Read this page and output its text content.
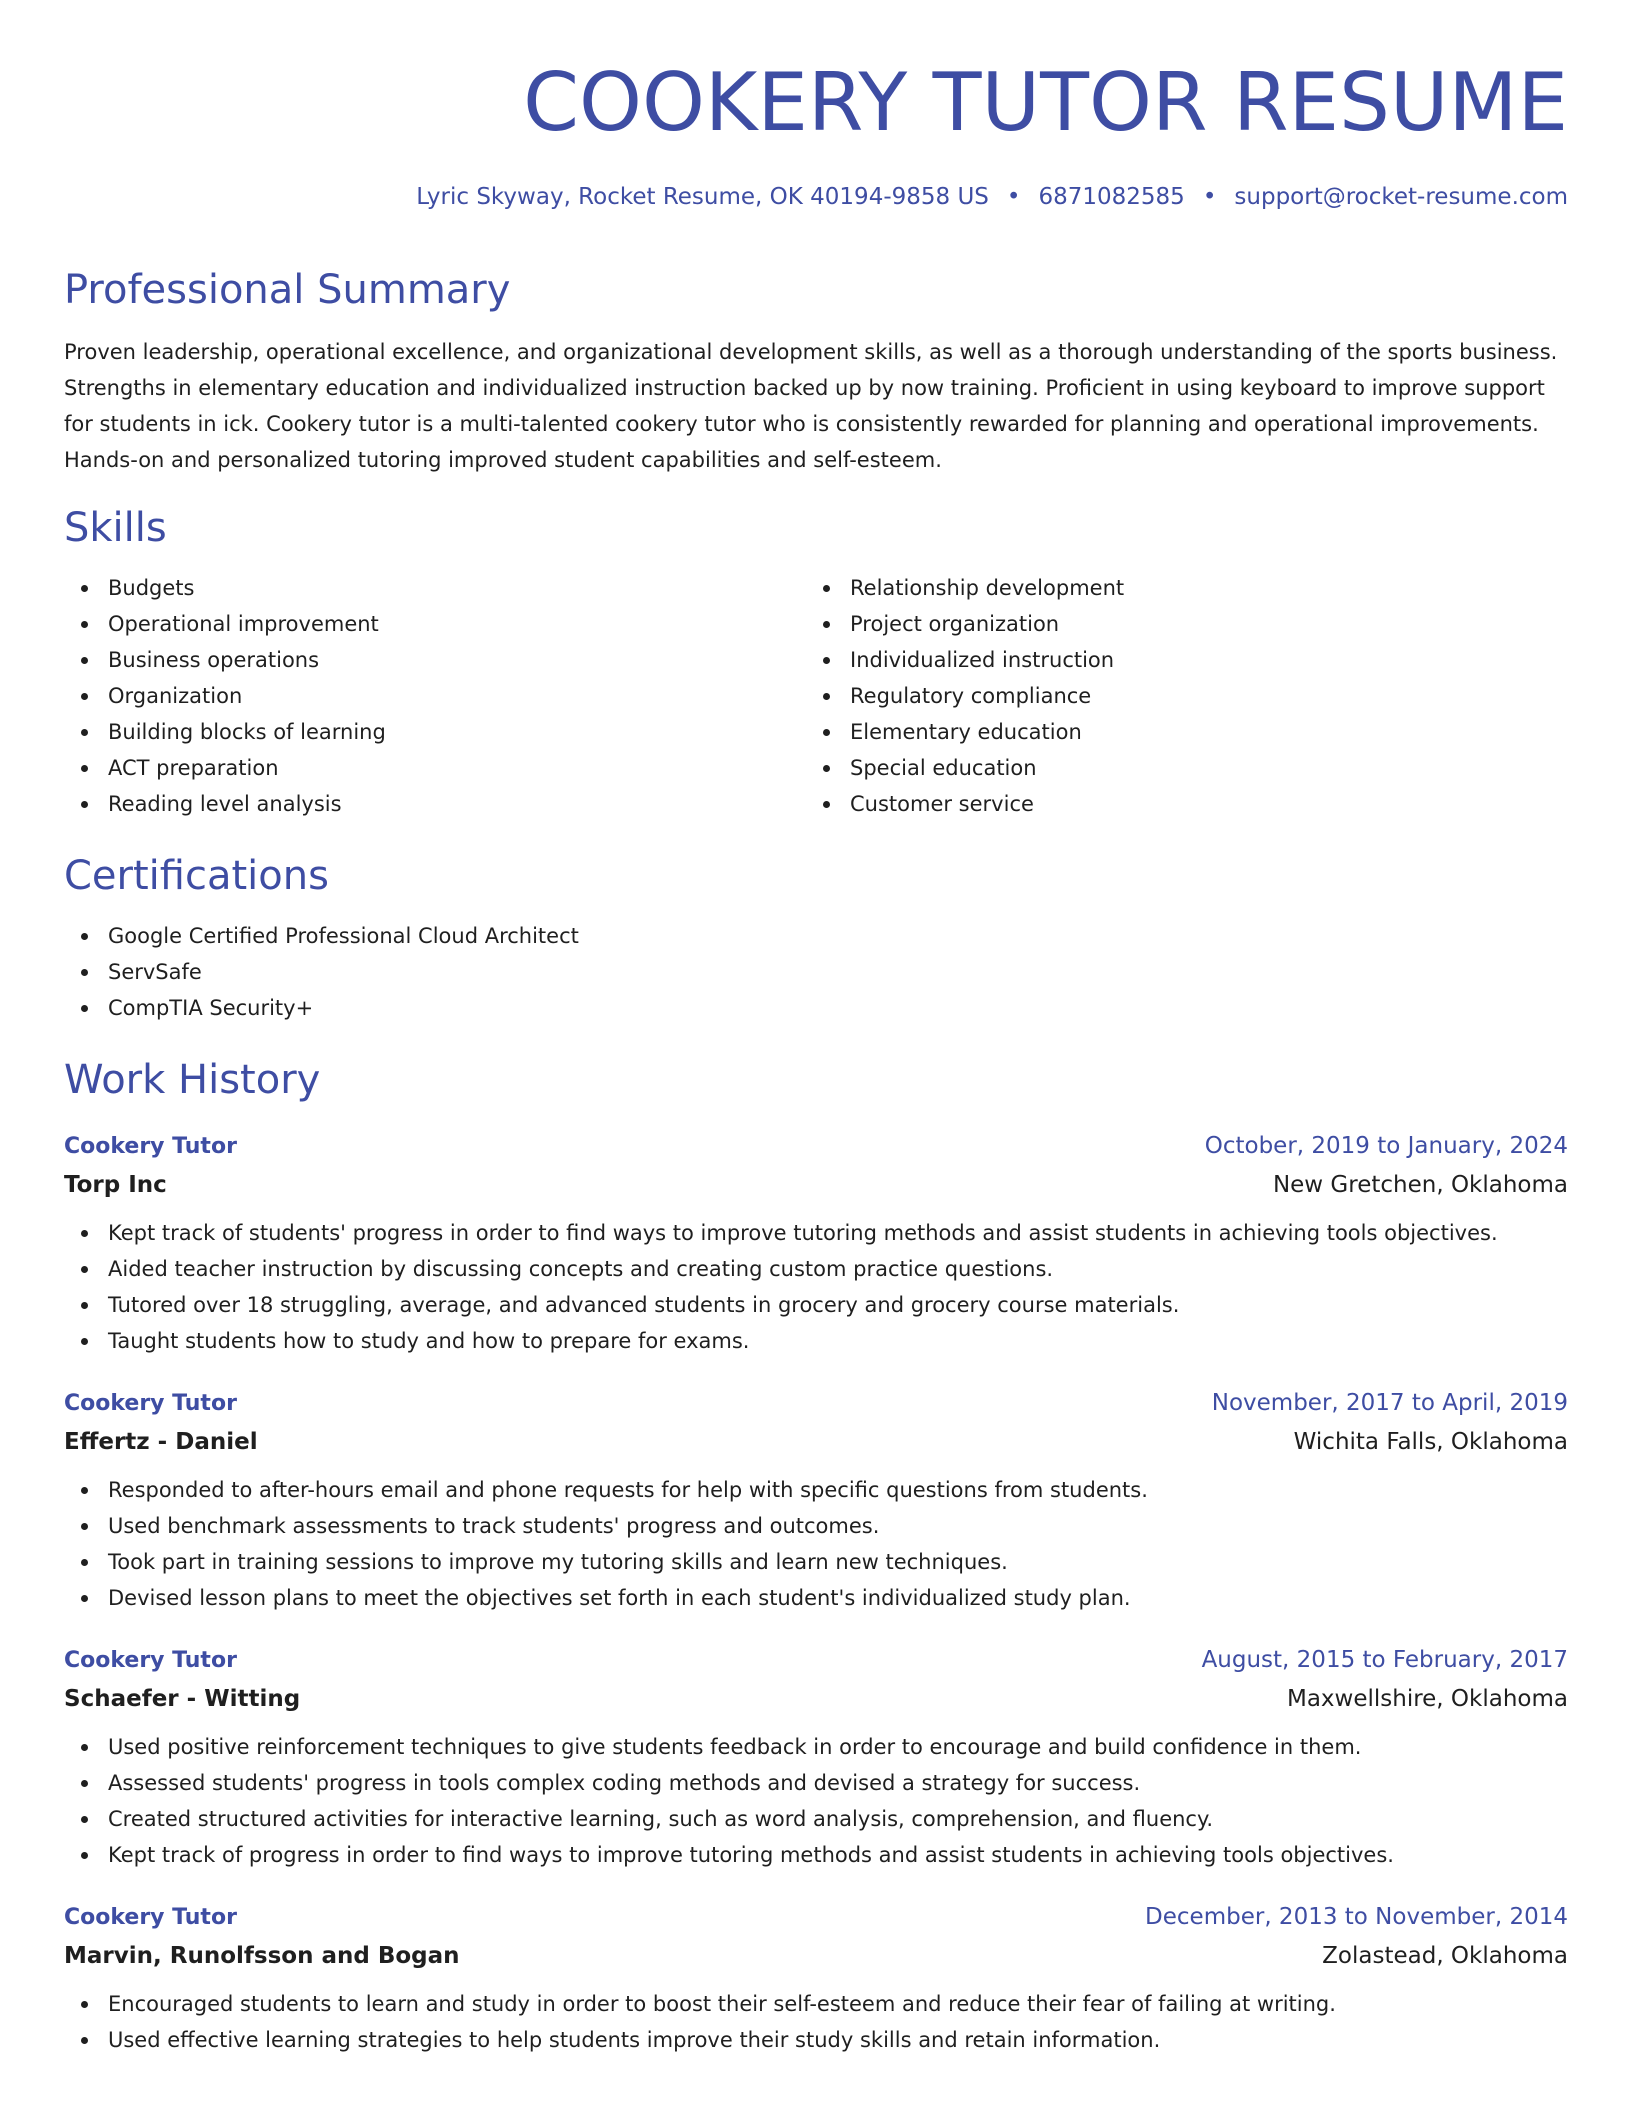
COOKERY TUTOR RESUME
Lyric Skyway, Rocket Resume, OK 40194-9858 US • 6871082585 • support@rocket-resume.com
Professional Summary
Proven leadership, operational excellence, and organizational development skills, as well as a thorough understanding of the sports business. Strengths in elementary education and individualized instruction backed up by now training. Proficient in using keyboard to improve support for students in ick. Cookery tutor is a multi-talented cookery tutor who is consistently rewarded for planning and operational improvements. Hands-on and personalized tutoring improved student capabilities and self-esteem.
Skills
Budgets
Operational improvement
Business operations
Organization
Building blocks of learning
ACT preparation
Reading level analysis
Relationship development
Project organization
Individualized instruction
Regulatory compliance
Elementary education
Special education
Customer service
Certifications
Google Certified Professional Cloud Architect
ServSafe
CompTIA Security+
Work History
Cookery Tutor	October, 2019 to January, 2024
Torp Inc	New Gretchen, Oklahoma
Kept track of students' progress in order to find ways to improve tutoring methods and assist students in achieving tools objectives.
Aided teacher instruction by discussing concepts and creating custom practice questions.
Tutored over 18 struggling, average, and advanced students in grocery and grocery course materials.
Taught students how to study and how to prepare for exams.
Cookery Tutor	November, 2017 to April, 2019
Effertz - Daniel	Wichita Falls, Oklahoma
Responded to after-hours email and phone requests for help with specific questions from students.
Used benchmark assessments to track students' progress and outcomes.
Took part in training sessions to improve my tutoring skills and learn new techniques.
Devised lesson plans to meet the objectives set forth in each student's individualized study plan.
Cookery Tutor	August, 2015 to February, 2017
Schaefer - Witting	Maxwellshire, Oklahoma
Used positive reinforcement techniques to give students feedback in order to encourage and build confidence in them.
Assessed students' progress in tools complex coding methods and devised a strategy for success.
Created structured activities for interactive learning, such as word analysis, comprehension, and fluency.
Kept track of progress in order to find ways to improve tutoring methods and assist students in achieving tools objectives.
Cookery Tutor	December, 2013 to November, 2014
Marvin, Runolfsson and Bogan	Zolastead, Oklahoma
Encouraged students to learn and study in order to boost their self-esteem and reduce their fear of failing at writing.
Used effective learning strategies to help students improve their study skills and retain information.
